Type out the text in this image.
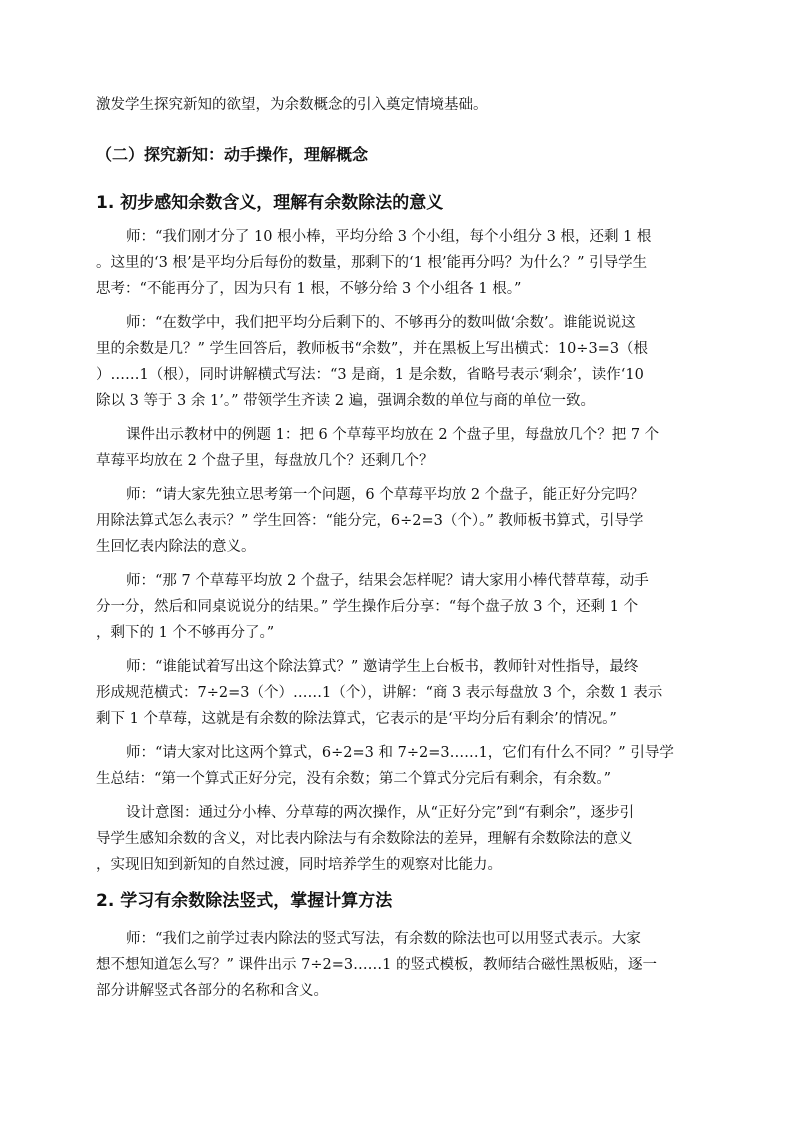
激发学生探究新知的欲望，为余数概念的引入奠定情境基础。
（二）探究新知：动手操作，理解概念
1. 初步感知余数含义，理解有余数除法的意义
师：“我们刚才分了 10 根小棒，平均分给 3 个小组，每个小组分 3 根，还剩 1 根
。这里的‘3 根’是平均分后每份的数量，那剩下的‘1 根’能再分吗？为什么？” 引导学生
思考：“不能再分了，因为只有 1 根，不够分给 3 个小组各 1 根。”
师：“在数学中，我们把平均分后剩下的、不够再分的数叫做‘余数’。谁能说说这
里的余数是几？” 学生回答后，教师板书“余数”，并在黑板上写出横式：10÷3=3（根
）……1（根），同时讲解横式写法：“3 是商，1 是余数，省略号表示‘剩余’，读作‘10
除以 3 等于 3 余 1’。” 带领学生齐读 2 遍，强调余数的单位与商的单位一致。
课件出示教材中的例题 1：把 6 个草莓平均放在 2 个盘子里，每盘放几个？把 7 个
草莓平均放在 2 个盘子里，每盘放几个？还剩几个？
师：“请大家先独立思考第一个问题，6 个草莓平均放 2 个盘子，能正好分完吗？
用除法算式怎么表示？” 学生回答：“能分完，6÷2=3（个）。” 教师板书算式，引导学
生回忆表内除法的意义。
师：“那 7 个草莓平均放 2 个盘子，结果会怎样呢？请大家用小棒代替草莓，动手
分一分，然后和同桌说说分的结果。” 学生操作后分享：“每个盘子放 3 个，还剩 1 个
，剩下的 1 个不够再分了。”
师：“谁能试着写出这个除法算式？” 邀请学生上台板书，教师针对性指导，最终
形成规范横式：7÷2=3（个）……1（个），讲解：“商 3 表示每盘放 3 个，余数 1 表示
剩下 1 个草莓，这就是有余数的除法算式，它表示的是‘平均分后有剩余’的情况。”
师：“请大家对比这两个算式，6÷2=3 和 7÷2=3……1，它们有什么不同？” 引导学
生总结：“第一个算式正好分完，没有余数；第二个算式分完后有剩余，有余数。”
设计意图：通过分小棒、分草莓的两次操作，从“正好分完”到“有剩余”，逐步引
导学生感知余数的含义，对比表内除法与有余数除法的差异，理解有余数除法的意义
，实现旧知到新知的自然过渡，同时培养学生的观察对比能力。
2. 学习有余数除法竖式，掌握计算方法
师：“我们之前学过表内除法的竖式写法，有余数的除法也可以用竖式表示。大家
想不想知道怎么写？” 课件出示 7÷2=3……1 的竖式模板，教师结合磁性黑板贴，逐一
部分讲解竖式各部分的名称和含义。
